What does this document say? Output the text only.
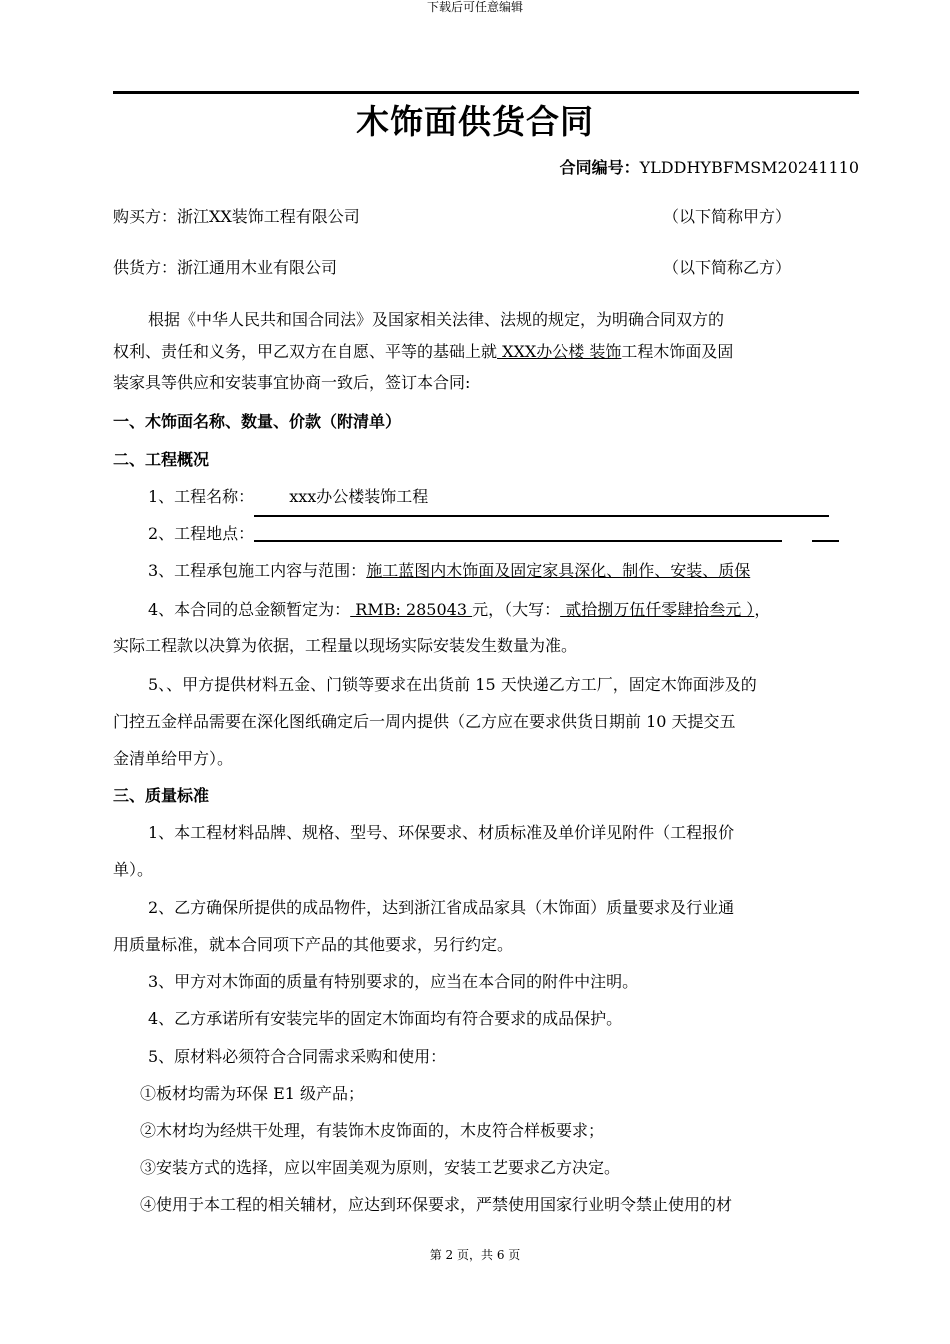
下载后可任意编辑
木饰面供货合同
合同编号：YLDDHYBFMSM20241110
购买方：浙江XX装饰工程有限公司	（以下简称甲方）
供货方：浙江通用木业有限公司	（以下简称乙方）
根据《中华人民共和国合同法》及国家相关法律、法规的规定，为明确合同双方的
权利、责任和义务，甲乙双方在自愿、平等的基础上就 XXX办公楼 装饰工程木饰面及固
装家具等供应和安装事宜协商一致后，签订本合同:
一、木饰面名称、数量、价款（附清单）
二、工程概况
1、工程名称：xxx办公楼装饰工程
2、工程地点：
3、工程承包施工内容与范围：施工蓝图内木饰面及固定家具深化、制作、安装、质保
4、本合同的总金额暂定为： RMB: 285043 元，（大写： 贰拾捌万伍仟零肆拾叁元 ），
实际工程款以决算为依据，工程量以现场实际安装发生数量为准。
5、、甲方提供材料五金、门锁等要求在出货前 15 天快递乙方工厂，固定木饰面涉及的
门控五金样品需要在深化图纸确定后一周内提供（乙方应在要求供货日期前 10 天提交五
金清单给甲方）。
三、质量标准
1、本工程材料品牌、规格、型号、环保要求、材质标准及单价详见附件（工程报价
单）。
2、乙方确保所提供的成品物件，达到浙江省成品家具（木饰面）质量要求及行业通
用质量标准，就本合同项下产品的其他要求，另行约定。
3、甲方对木饰面的质量有特别要求的，应当在本合同的附件中注明。
4、乙方承诺所有安装完毕的固定木饰面均有符合要求的成品保护。
5、原材料必须符合合同需求采购和使用：
①板材均需为环保 E1 级产品；
②木材均为经烘干处理，有装饰木皮饰面的，木皮符合样板要求；
③安装方式的选择，应以牢固美观为原则，安装工艺要求乙方决定。
④使用于本工程的相关辅材，应达到环保要求，严禁使用国家行业明令禁止使用的材
第 2 页，共 6 页
